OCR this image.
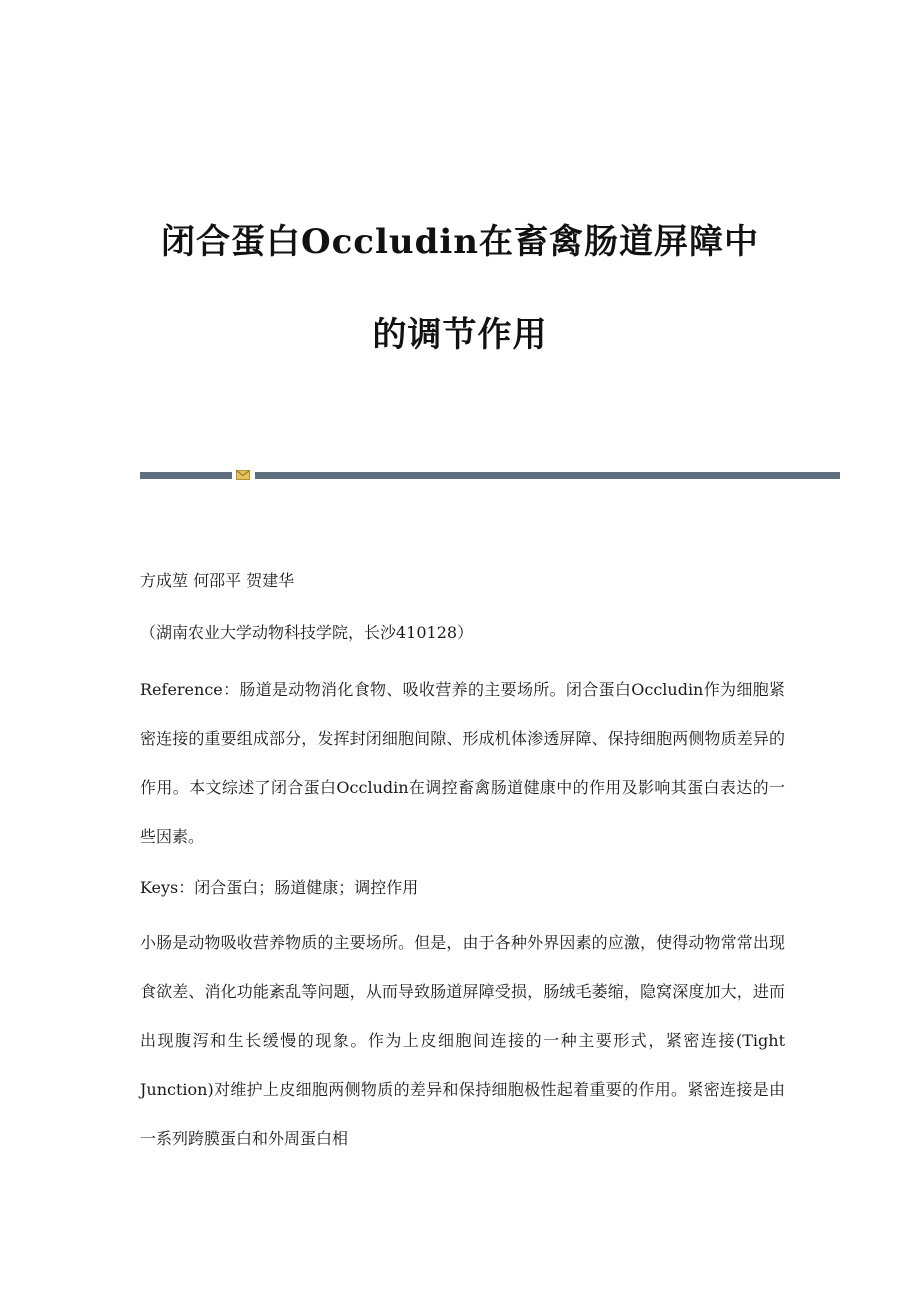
闭合蛋白Occludin在畜禽肠道屏障中
的调节作用

方成堃 何邵平 贺建华

（湖南农业大学动物科技学院，长沙410128）

Reference：肠道是动物消化食物、吸收营养的主要场所。闭合蛋白Occludin作为细胞紧密连接的重要组成部分，发挥封闭细胞间隙、形成机体渗透屏障、保持细胞两侧物质差异的作用。本文综述了闭合蛋白Occludin在调控畜禽肠道健康中的作用及影响其蛋白表达的一些因素。

Keys：闭合蛋白；肠道健康；调控作用

小肠是动物吸收营养物质的主要场所。但是，由于各种外界因素的应激，使得动物常常出现食欲差、消化功能紊乱等问题，从而导致肠道屏障受损，肠绒毛萎缩，隐窝深度加大，进而出现腹泻和生长缓慢的现象。作为上皮细胞间连接的一种主要形式，紧密连接(Tight Junction)对维护上皮细胞两侧物质的差异和保持细胞极性起着重要的作用。紧密连接是由一系列跨膜蛋白和外周蛋白相
